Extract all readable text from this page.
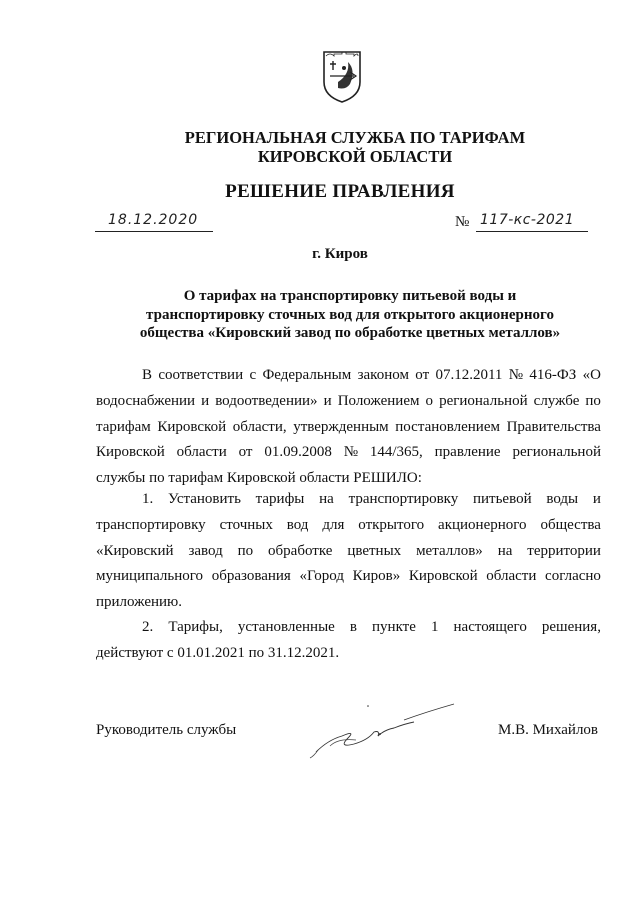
РЕГИОНАЛЬНАЯ СЛУЖБА ПО ТАРИФАМ
КИРОВСКОЙ ОБЛАСТИ
РЕШЕНИЕ ПРАВЛЕНИЯ
18.12.2020	№ 117-кс-2021
г. Киров
О тарифах на транспортировку питьевой воды и
транспортировку сточных вод для открытого акционерного
общества «Кировский завод по обработке цветных металлов»
В соответствии с Федеральным законом от 07.12.2011 № 416-ФЗ «О
водоснабжении и водоотведении» и Положением о региональной службе по
тарифам Кировской области, утвержденным постановлением Правительства
Кировской области от 01.09.2008 № 144/365, правление региональной
службы по тарифам Кировской области РЕШИЛО:
1. Установить тарифы на транспортировку питьевой воды и
транспортировку сточных вод для открытого акционерного общества
«Кировский завод по обработке цветных металлов» на территории
муниципального образования «Город Киров» Кировской области согласно
приложению.
2. Тарифы, установленные в пункте 1 настоящего решения,
действуют с 01.01.2021 по 31.12.2021.
Руководитель службы	М.В. Михайлов
